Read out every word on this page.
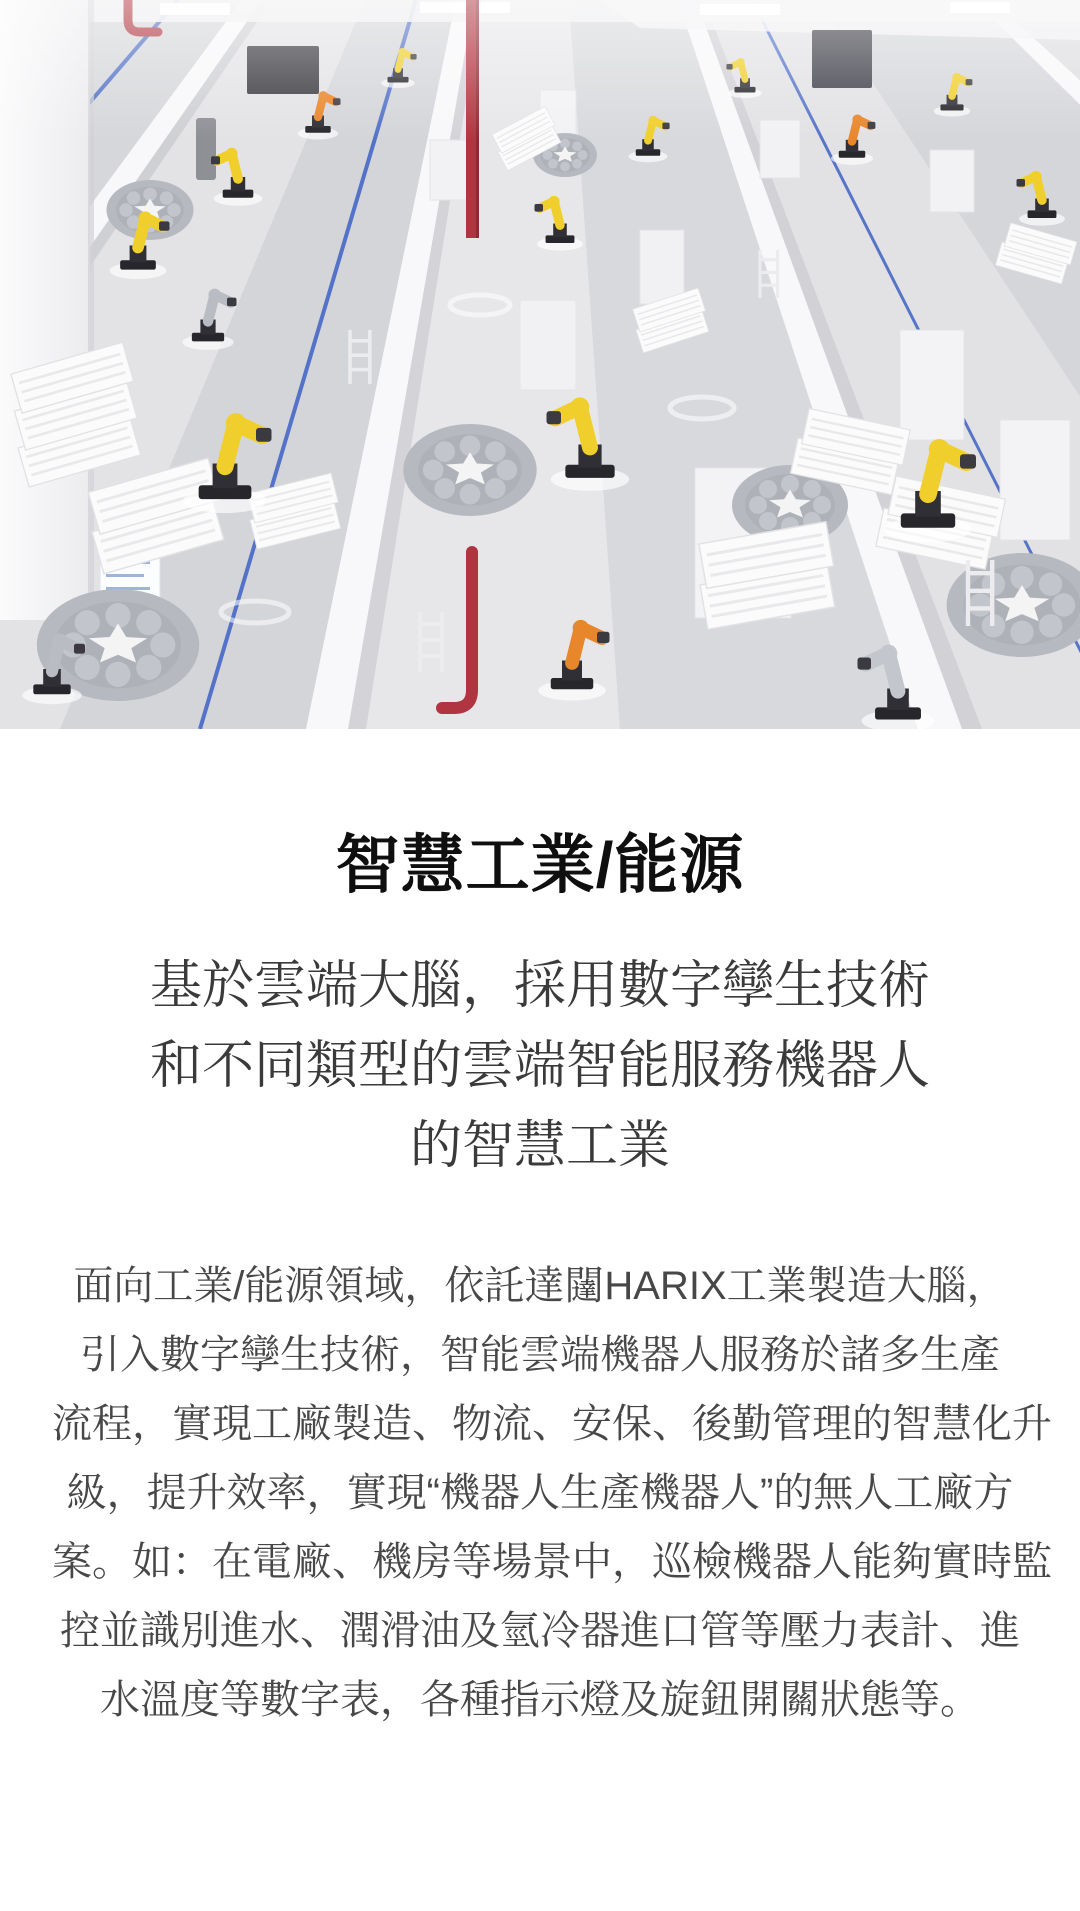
智慧工業/能源
基於雲端大腦，採用數字孿生技術
和不同類型的雲端智能服務機器人
的智慧工業

面向工業/能源領域，依託達闥HARIX工業製造大腦，
引入數字孿生技術，智能雲端機器人服務於諸多生產
流程，實現工廠製造、物流、安保、後勤管理的智慧化升
級，提升效率，實現“機器人生產機器人”的無人工廠方
案。如：在電廠、機房等場景中，巡檢機器人能夠實時監
控並識別進水、潤滑油及氫冷器進口管等壓力表計、進
水溫度等數字表，各種指示燈及旋鈕開關狀態等。
